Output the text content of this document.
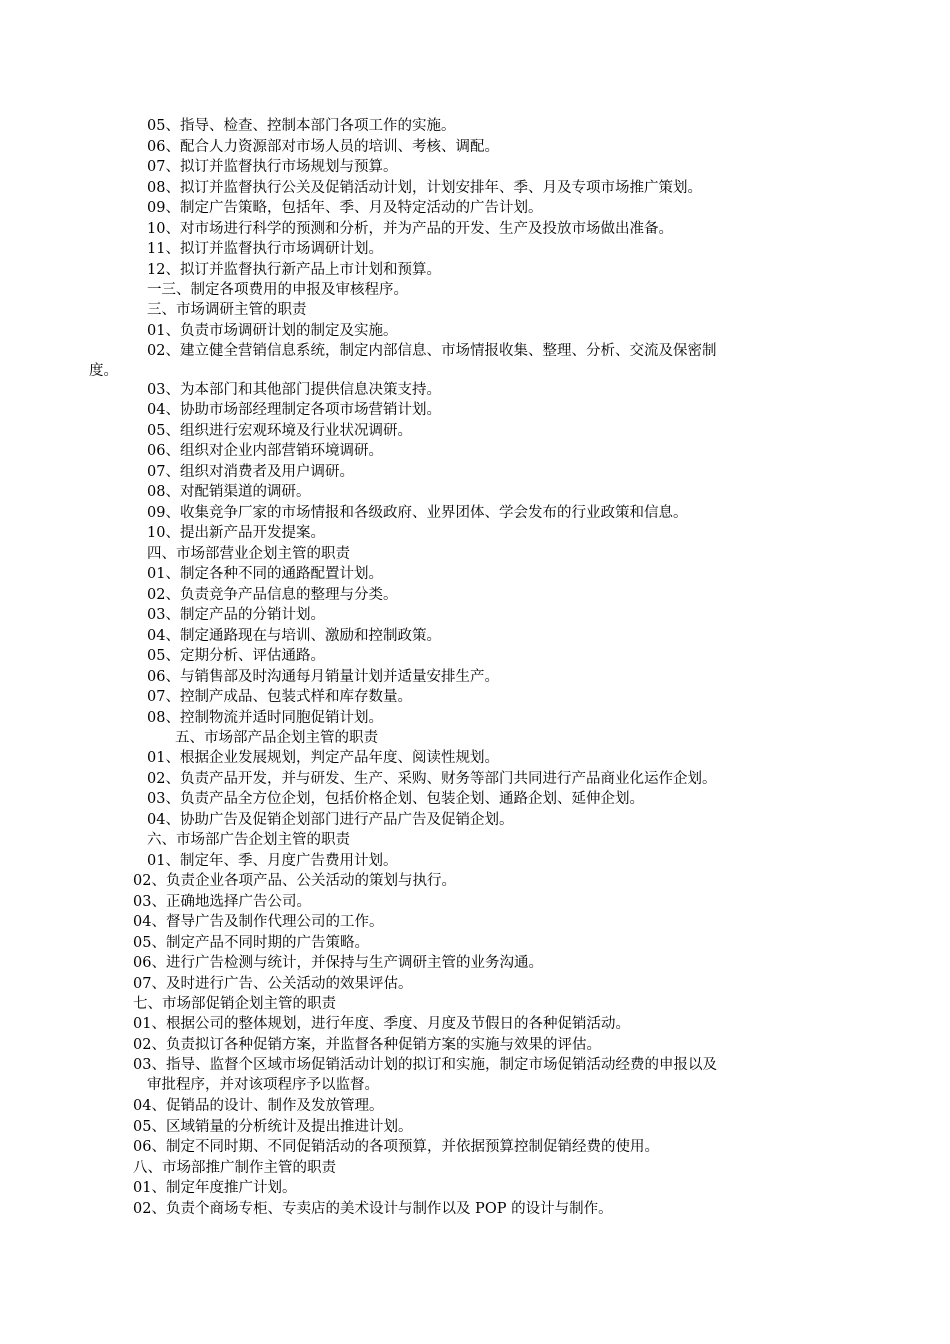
05、指导、检查、控制本部门各项工作的实施。
06、配合人力资源部对市场人员的培训、考核、调配。
07、拟订并监督执行市场规划与预算。
08、拟订并监督执行公关及促销活动计划，计划安排年、季、月及专项市场推广策划。
09、制定广告策略，包括年、季、月及特定活动的广告计划。
10、对市场进行科学的预测和分析，并为产品的开发、生产及投放市场做出准备。
11、拟订并监督执行市场调研计划。
12、拟订并监督执行新产品上市计划和预算。
一三、制定各项费用的申报及审核程序。
三、市场调研主管的职责
01、负责市场调研计划的制定及实施。
02、建立健全营销信息系统，制定内部信息、市场情报收集、整理、分析、交流及保密制
度。
03、为本部门和其他部门提供信息决策支持。
04、协助市场部经理制定各项市场营销计划。
05、组织进行宏观环境及行业状况调研。
06、组织对企业内部营销环境调研。
07、组织对消费者及用户调研。
08、对配销渠道的调研。
09、收集竞争厂家的市场情报和各级政府、业界团体、学会发布的行业政策和信息。
10、提出新产品开发提案。
四、市场部营业企划主管的职责
01、制定各种不同的通路配置计划。
02、负责竞争产品信息的整理与分类。
03、制定产品的分销计划。
04、制定通路现在与培训、激励和控制政策。
05、定期分析、评估通路。
06、与销售部及时沟通每月销量计划并适量安排生产。
07、控制产成品、包装式样和库存数量。
08、控制物流并适时同胞促销计划。
五、市场部产品企划主管的职责
01、根据企业发展规划，判定产品年度、阅读性规划。
02、负责产品开发，并与研发、生产、采购、财务等部门共同进行产品商业化运作企划。
03、负责产品全方位企划，包括价格企划、包装企划、通路企划、延伸企划。
04、协助广告及促销企划部门进行产品广告及促销企划。
六、市场部广告企划主管的职责
01、制定年、季、月度广告费用计划。
02、负责企业各项产品、公关活动的策划与执行。
03、正确地选择广告公司。
04、督导广告及制作代理公司的工作。
05、制定产品不同时期的广告策略。
06、进行广告检测与统计，并保持与生产调研主管的业务沟通。
07、及时进行广告、公关活动的效果评估。
七、市场部促销企划主管的职责
01、根据公司的整体规划，进行年度、季度、月度及节假日的各种促销活动。
02、负责拟订各种促销方案，并监督各种促销方案的实施与效果的评估。
03、指导、监督个区域市场促销活动计划的拟订和实施，制定市场促销活动经费的申报以及
审批程序，并对该项程序予以监督。
04、促销品的设计、制作及发放管理。
05、区域销量的分析统计及提出推进计划。
06、制定不同时期、不同促销活动的各项预算，并依据预算控制促销经费的使用。
八、市场部推广制作主管的职责
01、制定年度推广计划。
02、负责个商场专柜、专卖店的美术设计与制作以及 POP 的设计与制作。
